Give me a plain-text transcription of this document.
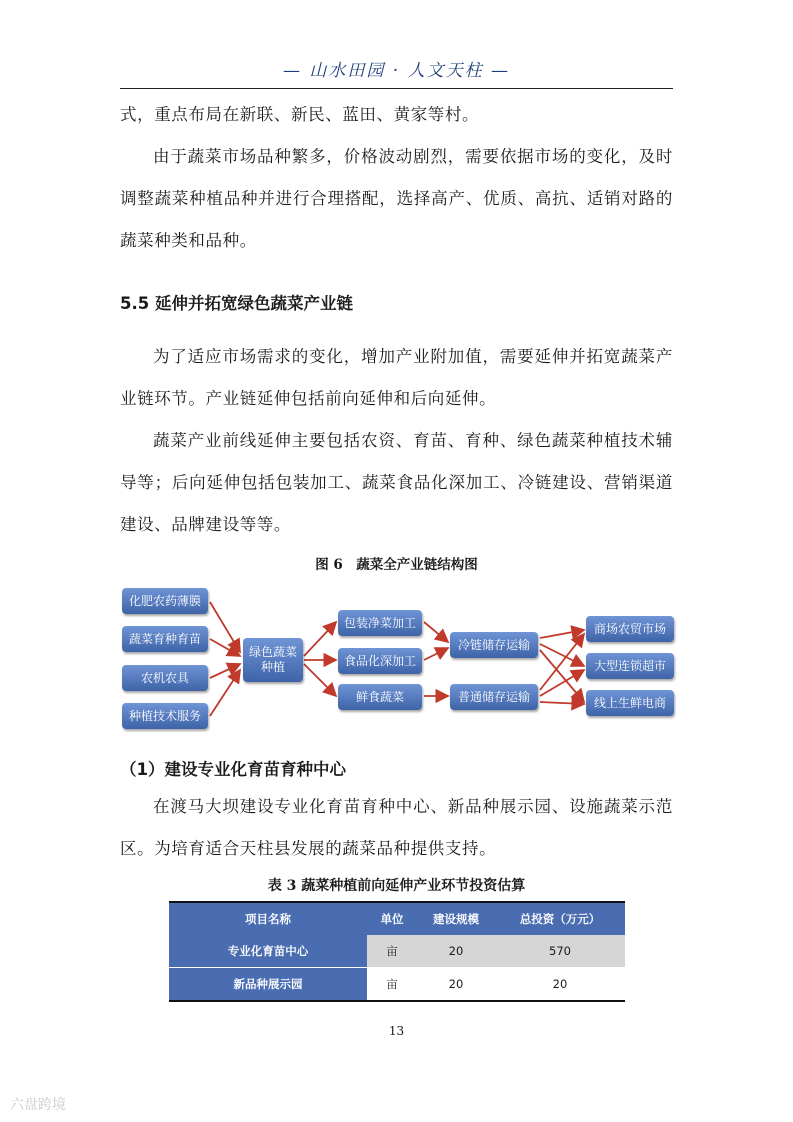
— 山水田园 · 人文天柱 —

式，重点布局在新联、新民、蓝田、黄家等村。

由于蔬菜市场品种繁多，价格波动剧烈，需要依据市场的变化，及时调整蔬菜种植品种并进行合理搭配，选择高产、优质、高抗、适销对路的蔬菜种类和品种。

5.5 延伸并拓宽绿色蔬菜产业链

为了适应市场需求的变化，增加产业附加值，需要延伸并拓宽蔬菜产业链环节。产业链延伸包括前向延伸和后向延伸。

蔬菜产业前线延伸主要包括农资、育苗、育种、绿色蔬菜种植技术辅导等；后向延伸包括包装加工、蔬菜食品化深加工、冷链建设、营销渠道建设、品牌建设等等。

图 6　蔬菜全产业链结构图
化肥农药薄膜
蔬菜育种育苗
农机农具
种植技术服务
绿色蔬菜种植
包装净菜加工
食品化深加工
鲜食蔬菜
冷链储存运输
普通储存运输
商场农贸市场
大型连锁超市
线上生鲜电商
（1）建设专业化育苗育种中心

在渡马大坝建设专业化育苗育种中心、新品种展示园、设施蔬菜示范区。为培育适合天柱县发展的蔬菜品种提供支持。

表 3 蔬菜种植前向延伸产业环节投资估算
项目名称	单位	建设规模	总投资（万元）
专业化育苗中心	亩	20	570
新品种展示园	亩	20	20
13
六盘跨境
